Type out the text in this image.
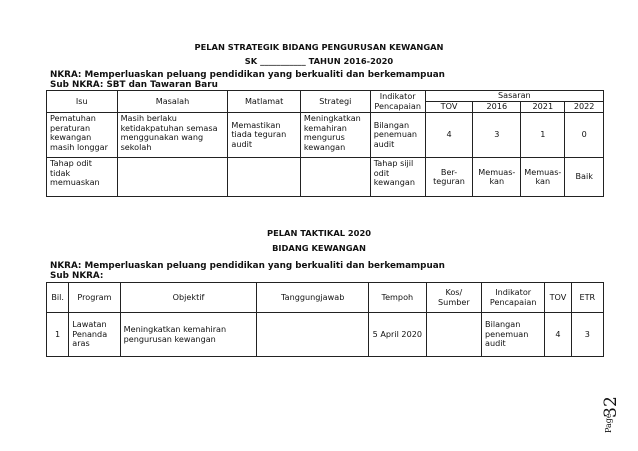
PELAN STRATEGIK BIDANG PENGURUSAN KEWANGAN
SK ___________ TAHUN 2016-2020
NKRA: Memperluaskan peluang pendidikan yang berkualiti dan berkemampuan
Sub NKRA: SBT dan Tawaran Baru
Isu	Masalah	Matlamat	Strategi	Indikator Pencapaian	Sasaran			
					TOV	2016	2021	2022
Pematuhan peraturan kewangan masih longgar	Masih berlaku ketidakpatuhan semasa menggunakan wang sekolah	Memastikan tiada teguran audit	Meningkatkan kemahiran mengurus kewangan	Bilangan penemuan audit	4	3	1	0
Tahap odit tidak memuaskan				Tahap sijil odit kewangan	Ber-teguran	Memuas-kan	Memuas-kan	Baik
PELAN TAKTIKAL 2020
BIDANG KEWANGAN
NKRA: Memperluaskan peluang pendidikan yang berkualiti dan berkemampuan
Sub NKRA:
Bil.	Program	Objektif	Tanggungjawab	Tempoh	Kos/ Sumber	Indikator Pencapaian	TOV	ETR
1	Lawatan Penanda aras	Meningkatkan kemahiran pengurusan kewangan		5 April 2020		Bilangan penemuan audit	4	3
Page
32
